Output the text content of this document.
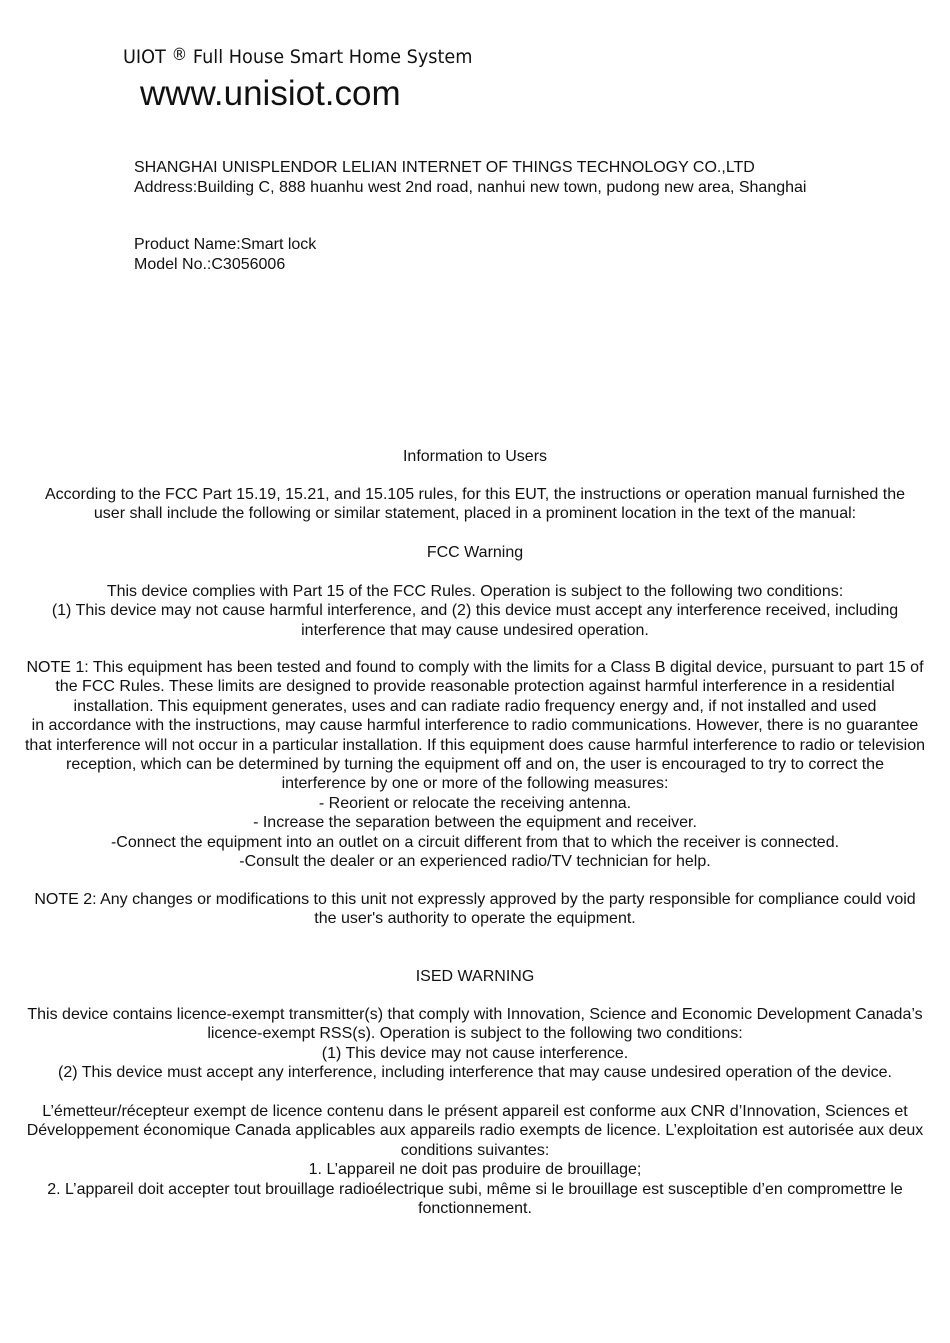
UIOT ® Full House Smart Home System
www.unisiot.com
SHANGHAI UNISPLENDOR LELIAN INTERNET OF THINGS TECHNOLOGY CO.,LTD
Address:Building C, 888 huanhu west 2nd road, nanhui new town, pudong new area, Shanghai
Product Name:Smart lock
Model No.:C3056006

Information to Users

According to the FCC Part 15.19, 15.21, and 15.105 rules, for this EUT, the instructions or operation manual furnished the

user shall include the following or similar statement, placed in a prominent location in the text of the manual:

FCC Warning

This device complies with Part 15 of the FCC Rules. Operation is subject to the following two conditions:

(1) This device may not cause harmful interference, and (2) this device must accept any interference received, including

interference that may cause undesired operation.

NOTE 1: This equipment has been tested and found to comply with the limits for a Class B digital device, pursuant to part 15 of

the FCC Rules. These limits are designed to provide reasonable protection against harmful interference in a residential

installation. This equipment generates, uses and can radiate radio frequency energy and, if not installed and used

in accordance with the instructions, may cause harmful interference to radio communications. However, there is no guarantee

that interference will not occur in a particular installation. If this equipment does cause harmful interference to radio or television

reception, which can be determined by turning the equipment off and on, the user is encouraged to try to correct the

interference by one or more of the following measures:

- Reorient or relocate the receiving antenna.

- Increase the separation between the equipment and receiver.

-Connect the equipment into an outlet on a circuit different from that to which the receiver is connected.

-Consult the dealer or an experienced radio/TV technician for help.

NOTE 2: Any changes or modifications to this unit not expressly approved by the party responsible for compliance could void

the user's authority to operate the equipment.

ISED WARNING

This device contains licence-exempt transmitter(s) that comply with Innovation, Science and Economic Development Canada’s

licence-exempt RSS(s). Operation is subject to the following two conditions:

(1) This device may not cause interference.

(2) This device must accept any interference, including interference that may cause undesired operation of the device.

L’émetteur/récepteur exempt de licence contenu dans le présent appareil est conforme aux CNR d’Innovation, Sciences et

Développement économique Canada applicables aux appareils radio exempts de licence. L’exploitation est autorisée aux deux

conditions suivantes:

1. L’appareil ne doit pas produire de brouillage;

2. L’appareil doit accepter tout brouillage radioélectrique subi, même si le brouillage est susceptible d’en compromettre le

fonctionnement.
